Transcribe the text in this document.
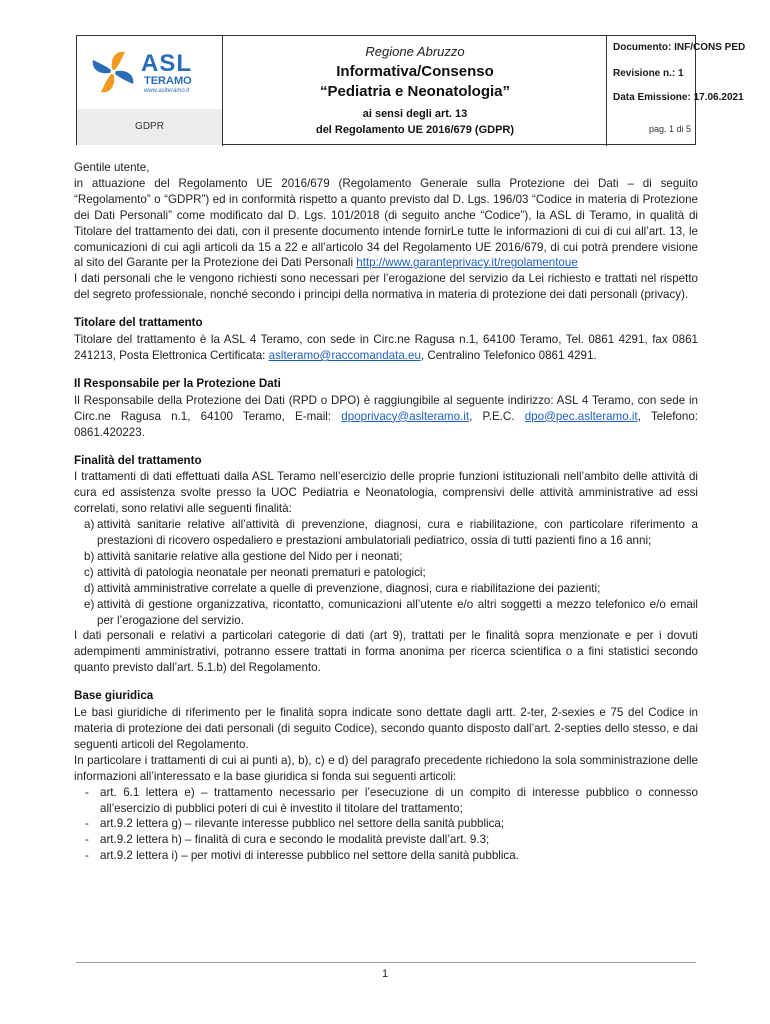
ASL
TERAMO
www.aslteramo.it
GDPR
Regione Abruzzo
Informativa/Consenso
“Pediatria e Neonatologia”
ai sensi degli art. 13
del Regolamento UE 2016/679 (GDPR)
Documento: INF/CONS PED
Revisione n.: 1
Data Emissione: 17.06.2021
pag. 1 di 5

Gentile utente,

in attuazione del Regolamento UE 2016/679 (Regolamento Generale sulla Protezione dei Dati – di seguito “Regolamento” o “GDPR”) ed in conformità rispetto a quanto previsto dal D. Lgs. 196/03 “Codice in materia di Protezione dei Dati Personali” come modificato dal D. Lgs. 101/2018 (di seguito anche “Codice”), la ASL di Teramo, in qualità di Titolare del trattamento dei dati, con il presente documento intende fornirLe tutte le informazioni di cui di cui all’art. 13, le comunicazioni di cui agli articoli da 15 a 22 e all’articolo 34 del Regolamento UE 2016/679, di cui potrà prendere visione al sito del Garante per la Protezione dei Dati Personali http://www.garanteprivacy.it/regolamentoue

I dati personali che le vengono richiesti sono necessari per l’erogazione del servizio da Lei richiesto e trattati nel rispetto del segreto professionale, nonché secondo i principi della normativa in materia di protezione dei dati personali (privacy).

Titolare del trattamento

Titolare del trattamento è la ASL 4 Teramo, con sede in Circ.ne Ragusa n.1, 64100 Teramo, Tel. 0861 4291, fax 0861 241213, Posta Elettronica Certificata: aslteramo@raccomandata.eu, Centralino Telefonico 0861 4291.

Il Responsabile per la Protezione Dati

Il Responsabile della Protezione dei Dati (RPD o DPO) è raggiungibile al seguente indirizzo: ASL 4 Teramo, con sede in Circ.ne Ragusa n.1, 64100 Teramo, E-mail: dpoprivacy@aslteramo.it, P.E.C. dpo@pec.aslteramo.it, Telefono: 0861.420223.

Finalità del trattamento

I trattamenti di dati effettuati dalla ASL Teramo nell’esercizio delle proprie funzioni istituzionali nell’ambito delle attività di cura ed assistenza svolte presso la UOC Pediatria e Neonatologia, comprensivi delle attività amministrative ad essi correlati, sono relativi alle seguenti finalità:

a) attività sanitarie relative all’attività di prevenzione, diagnosi, cura e riabilitazione, con particolare riferimento a prestazioni di ricovero ospedaliero e prestazioni ambulatoriali pediatrico, ossia di tutti pazienti fino a 16 anni;
b) attività sanitarie relative alla gestione del Nido per i neonati;
c) attività di patologia neonatale per neonati prematuri e patologici;
d) attività amministrative correlate a quelle di prevenzione, diagnosi, cura e riabilitazione dei pazienti;
e) attività di gestione organizzativa, ricontatto, comunicazioni all’utente e/o altri soggetti a mezzo telefonico e/o email per l’erogazione del servizio.

I dati personali e relativi a particolari categorie di dati (art 9), trattati per le finalità sopra menzionate e per i dovuti adempimenti amministrativi, potranno essere trattati in forma anonima per ricerca scientifica o a fini statistici secondo quanto previsto dall’art. 5.1.b) del Regolamento.

Base giuridica

Le basi giuridiche di riferimento per le finalità sopra indicate sono dettate dagli artt. 2-ter, 2-sexies e 75 del Codice in materia di protezione dei dati personali (di seguito Codice), secondo quanto disposto dall’art. 2-septies dello stesso, e dai seguenti articoli del Regolamento.

In particolare i trattamenti di cui ai punti a), b), c) e d) del paragrafo precedente richiedono la sola somministrazione delle informazioni all’interessato e la base giuridica si fonda sui seguenti articoli:

- art. 6.1 lettera e) – trattamento necessario per l’esecuzione di un compito di interesse pubblico o connesso all’esercizio di pubblici poteri di cui è investito il titolare del trattamento;
- art.9.2 lettera g) – rilevante interesse pubblico nel settore della sanità pubblica;
- art.9.2 lettera h) – finalità di cura e secondo le modalità previste dall’art. 9.3;
- art.9.2 lettera i) – per motivi di interesse pubblico nel settore della sanità pubblica.
1
